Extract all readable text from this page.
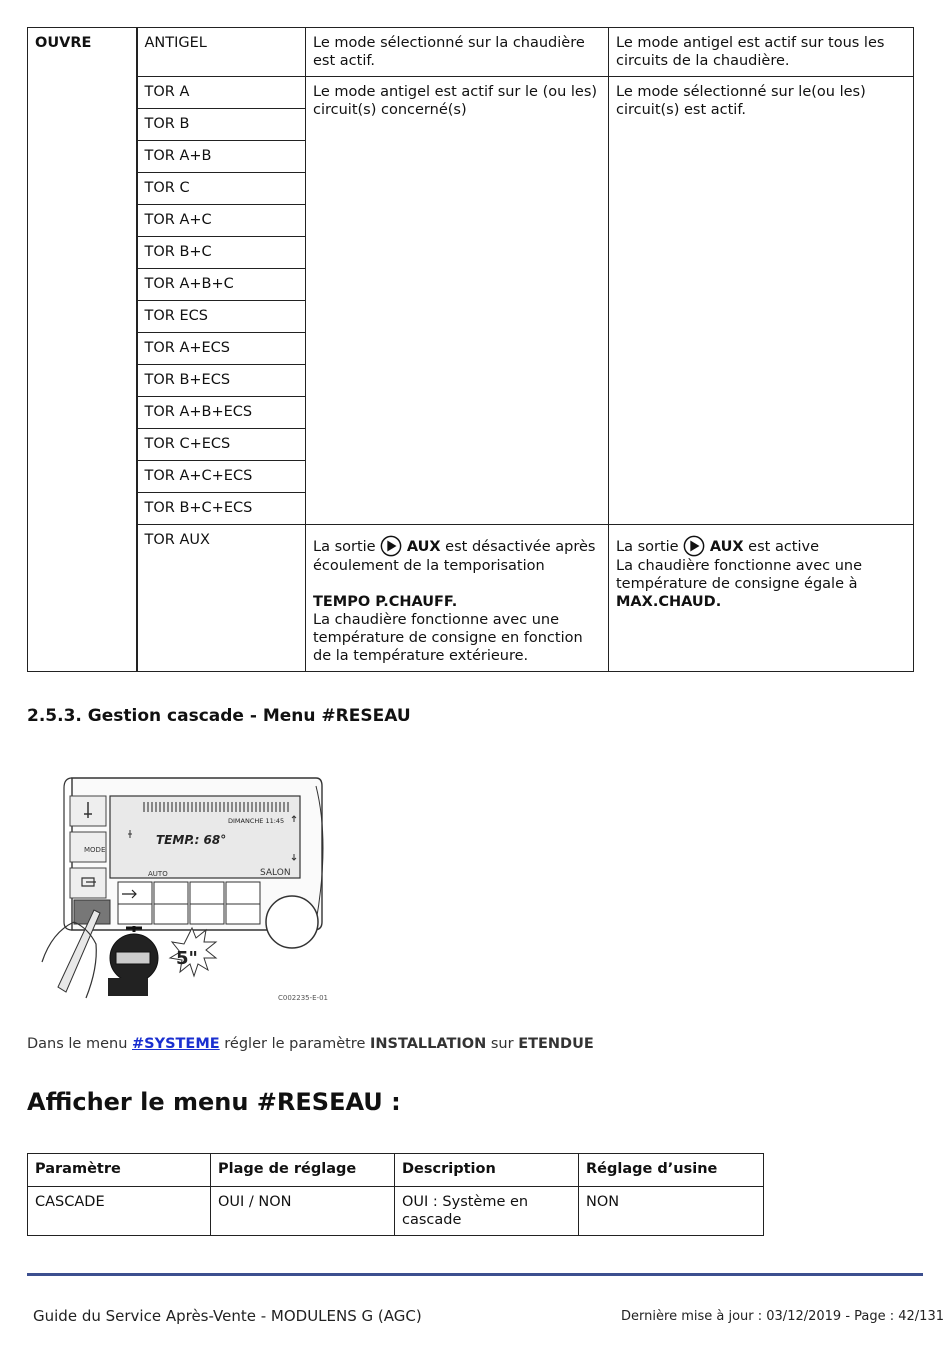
OUVRE	ANTIGEL	Le mode sélectionné sur la chaudière est actif.	Le mode antigel est actif sur tous les circuits de la chaudière.
	TOR A	Le mode antigel est actif sur le (ou les) circuit(s) concerné(s)	Le mode sélectionné sur le(ou les) circuit(s) est actif.
	TOR B		
	TOR A+B		
	TOR C		
	TOR A+C		
	TOR B+C		
	TOR A+B+C		
	TOR ECS		
	TOR A+ECS		
	TOR B+ECS		
	TOR A+B+ECS		
	TOR C+ECS		
	TOR A+C+ECS		
	TOR B+C+ECS		
	TOR AUX	La sortie AUX est désactivée après écoulement de la temporisation

TEMPO P.CHAUFF.
La chaudière fonctionne avec une température de consigne en fonction de la température extérieure.	La sortie AUX est active
La chaudière fonctionne avec une température de consigne égale à
MAX.CHAUD.
2.5.3. Gestion cascade - Menu #RESEAU
MODE
DIMANCHE 11:45
TEMP.: 68°
AUTO	SALON
5"
C002235-E-01

Dans le menu #SYSTEME régler le paramètre INSTALLATION sur ETENDUE

Afficher le menu #RESEAU :
Paramètre	Plage de réglage	Description	Réglage d’usine
CASCADE	OUI / NON	OUI : Système en cascade	NON
Guide du Service Après-Vente - MODULENS G (AGC)	Dernière mise à jour : 03/12/2019 - Page : 42/131
